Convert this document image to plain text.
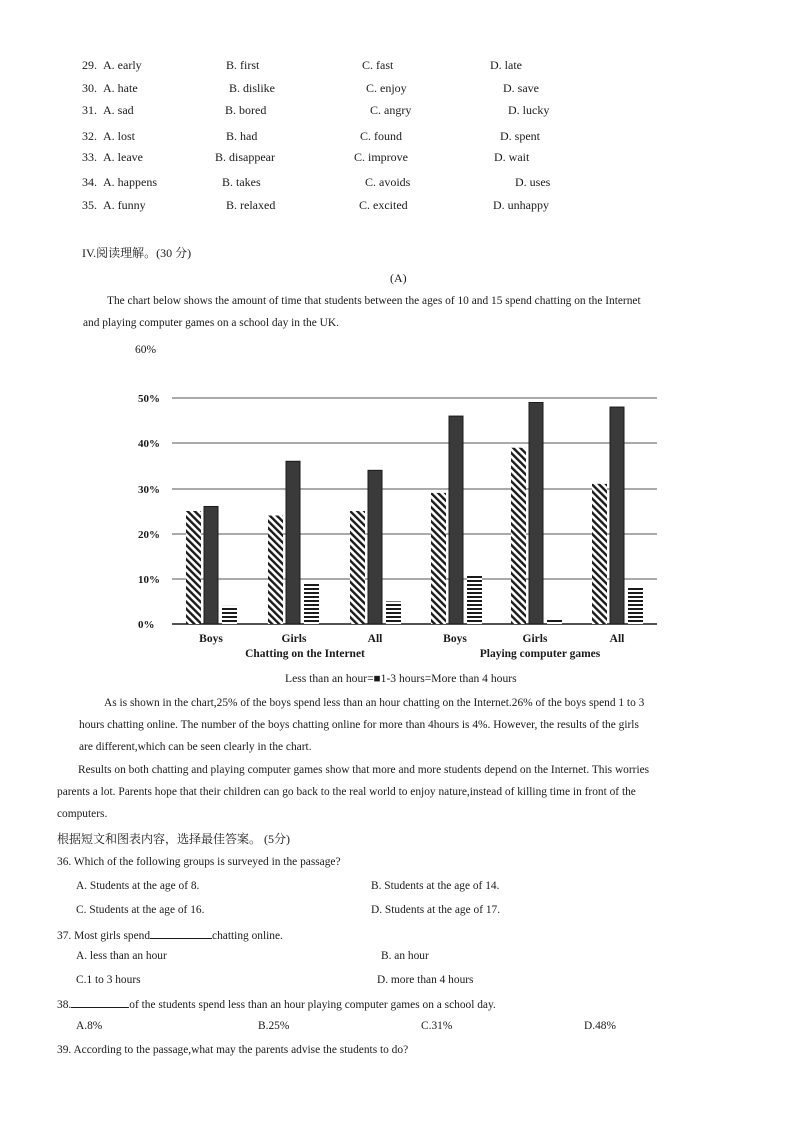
29. A. early	B. first	C. fast	D. late
30. A. hate	B. dislike	C. enjoy	D. save
31. A. sad	B. bored	C. angry	D. lucky
32. A. lost	B. had	C. found	D. spent
33. A. leave	B. disappear	C. improve	D. wait
34. A. happens	B. takes	C. avoids	D. uses
35. A. funny	B. relaxed	C. excited	D. unhappy
IV.阅读理解。(30 分)
(A)
The chart below shows the amount of time that students between the ages of 10 and 15 spend chatting on the Internet
and playing computer games on a school day in the UK.
60%
0%
10%
20%
30%
40%
50%
Boys	Girls	All	Boys	Girls	All
Chatting on the Internet	Playing computer games
Less than an hour=■1-3 hours=More than 4 hours
As is shown in the chart,25% of the boys spend less than an hour chatting on the Internet.26% of the boys spend 1 to 3
hours chatting online. The number of the boys chatting online for more than 4hours is 4%. However, the results of the girls
are different,which can be seen clearly in the chart.
Results on both chatting and playing computer games show that more and more students depend on the Internet. This worries
parents a lot. Parents hope that their children can go back to the real world to enjoy nature,instead of killing time in front of the
computers.
根据短文和图表内容，选择最佳答案。 (5分)
36. Which of the following groups is surveyed in the passage?
A. Students at the age of 8.	B. Students at the age of 14.
C. Students at the age of 16.	D. Students at the age of 17.
37. Most girls spend	chatting online.
A. less than an hour	B. an hour
C.1 to 3 hours	D. more than 4 hours
38.	of the students spend less than an hour playing computer games on a school day.
A.8%	B.25%	C.31%	D.48%
39. According to the passage,what may the parents advise the students to do?
